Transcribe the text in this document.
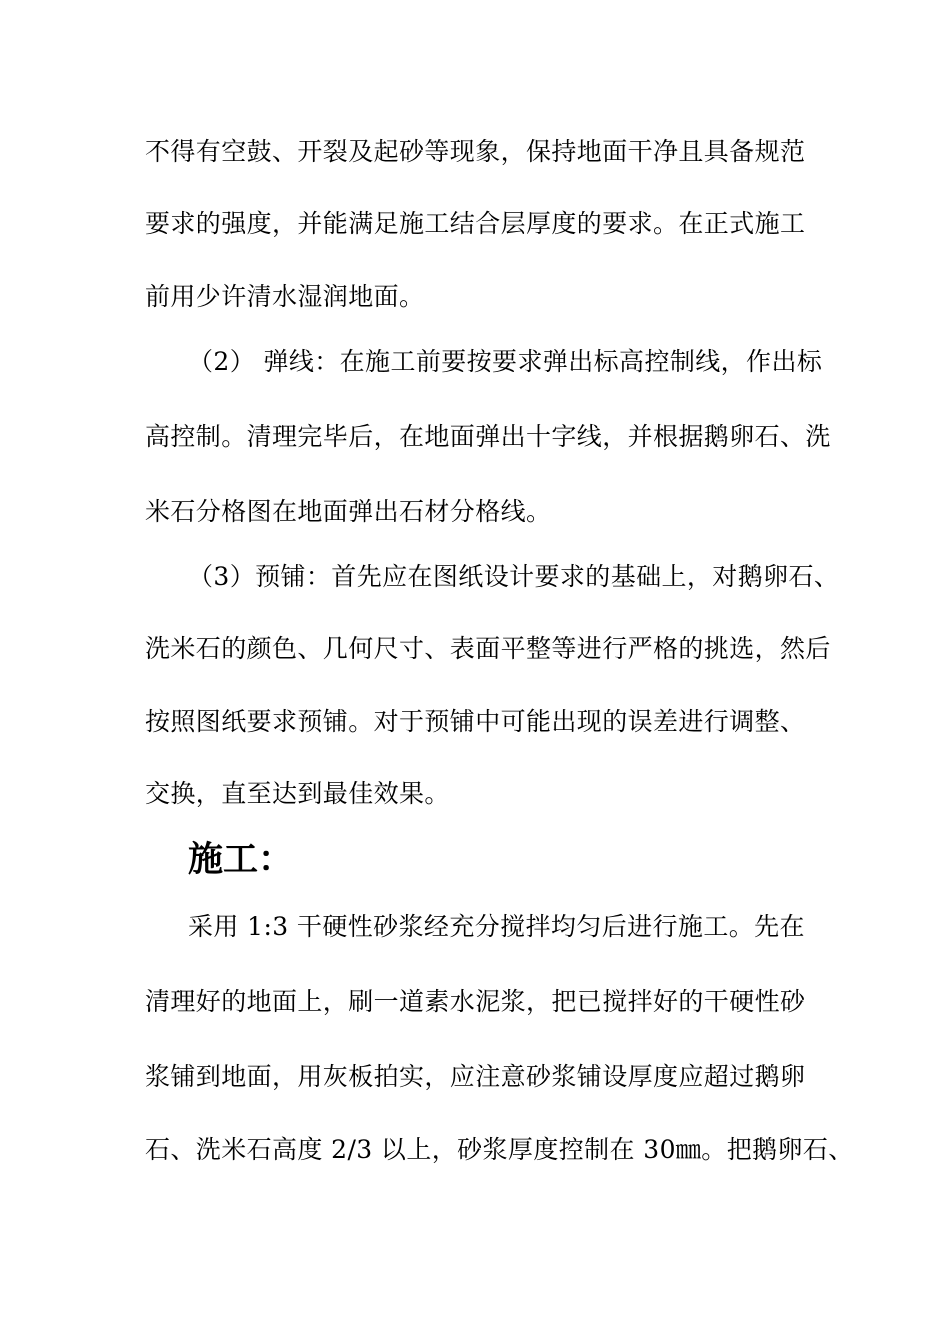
不得有空鼓、开裂及起砂等现象，保持地面干净且具备规范
要求的强度，并能满足施工结合层厚度的要求。在正式施工
前用少许清水湿润地面。
（2） 弹线：在施工前要按要求弹出标高控制线，作出标
高控制。清理完毕后，在地面弹出十字线，并根据鹅卵石、洗
米石分格图在地面弹出石材分格线。
（3）预铺：首先应在图纸设计要求的基础上，对鹅卵石、
洗米石的颜色、几何尺寸、表面平整等进行严格的挑选，然后
按照图纸要求预铺。对于预铺中可能出现的误差进行调整、
交换，直至达到最佳效果。
施工：
采用 1:3 干硬性砂浆经充分搅拌均匀后进行施工。先在
清理好的地面上，刷一道素水泥浆，把已搅拌好的干硬性砂
浆铺到地面，用灰板拍实，应注意砂浆铺设厚度应超过鹅卵
石、洗米石高度 2/3 以上，砂浆厚度控制在 30㎜。把鹅卵石、
